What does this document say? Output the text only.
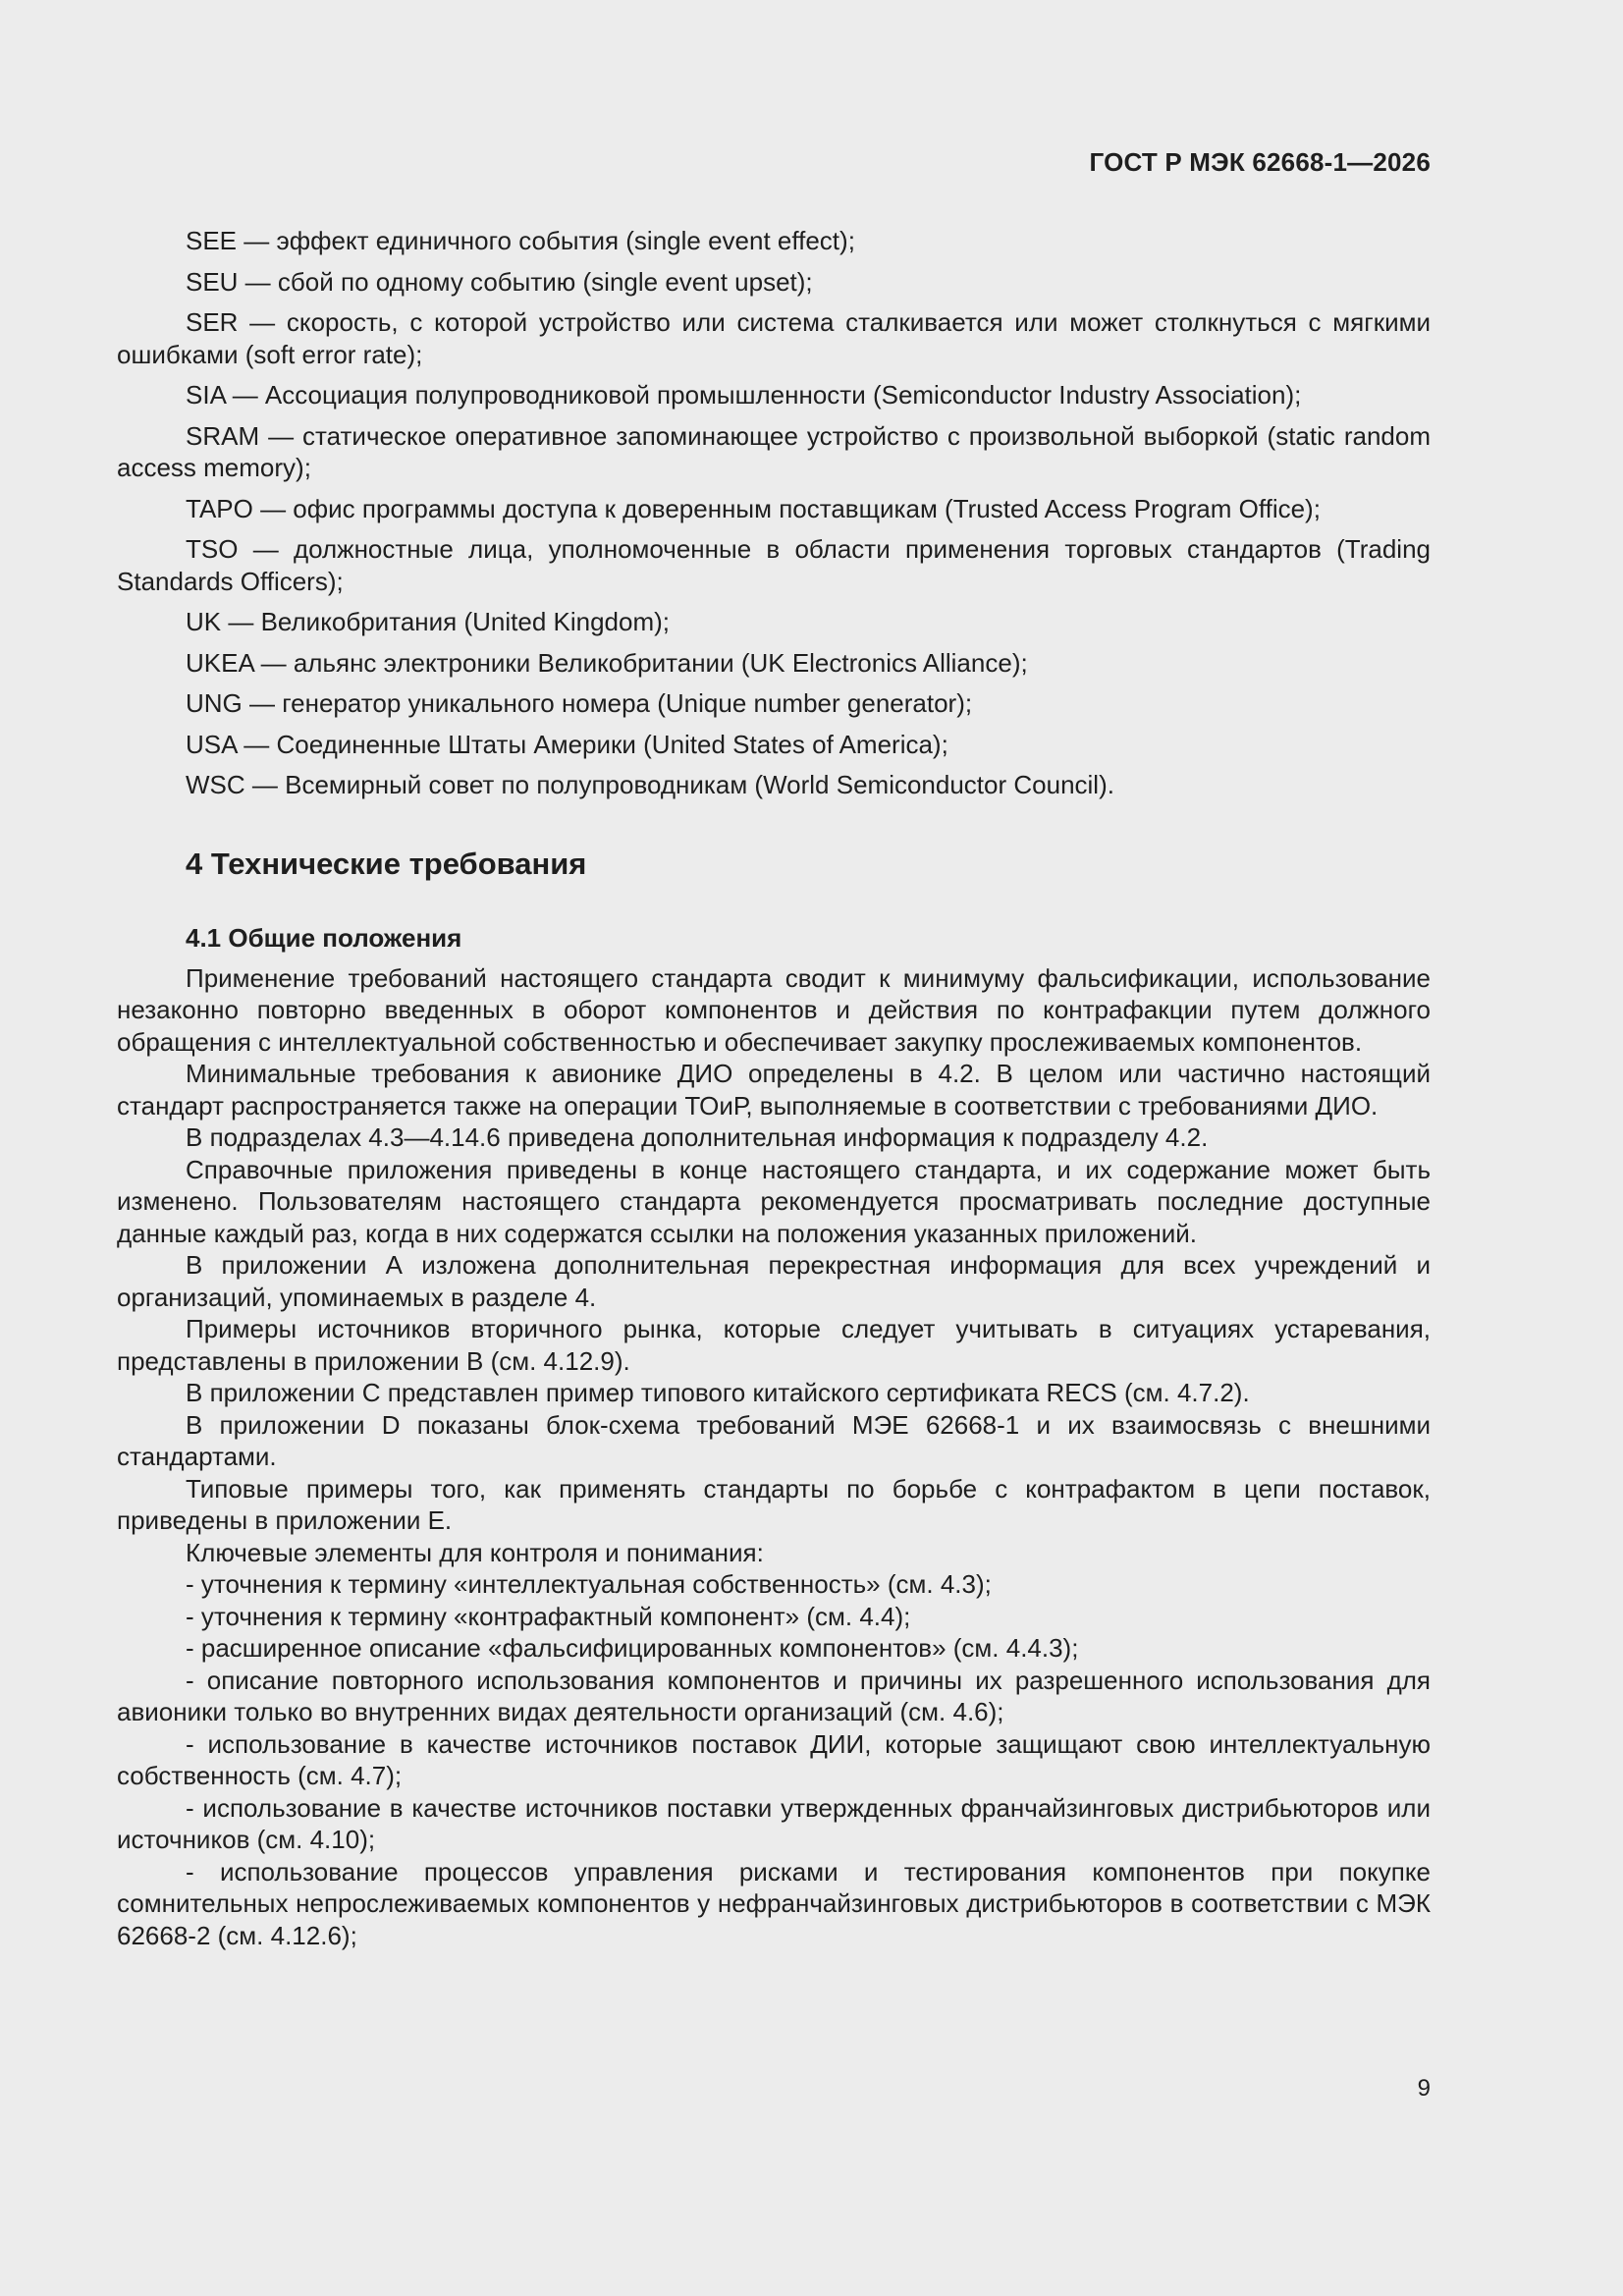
ГОСТ Р МЭК 62668-1—2026

SEE — эффект единичного события (single event effect);

SEU — сбой по одному событию (single event upset);

SER — скорость, с которой устройство или система сталкивается или может столкнуться с мягкими ошибками (soft error rate);

SIA — Ассоциация полупроводниковой промышленности (Semiconductor Industry Association);

SRAM — статическое оперативное запоминающее устройство с произвольной выборкой (static random access memory);

TAPO — офис программы доступа к доверенным поставщикам (Trusted Access Program Office);

TSO — должностные лица, уполномоченные в области применения торговых стандартов (Trading Standards Officers);

UK — Великобритания (United Kingdom);

UKEA — альянс электроники Великобритании (UK Electronics Alliance);

UNG — генератор уникального номера (Unique number generator);

USA — Соединенные Штаты Америки (United States of America);

WSC — Всемирный совет по полупроводникам (World Semiconductor Council).

4 Технические требования
4.1 Общие положения

Применение требований настоящего стандарта сводит к минимуму фальсификации, использование незаконно повторно введенных в оборот компонентов и действия по контрафакции путем должного обращения с интеллектуальной собственностью и обеспечивает закупку прослеживаемых компонентов.

Минимальные требования к авионике ДИО определены в 4.2. В целом или частично настоящий стандарт распространяется также на операции ТОиР, выполняемые в соответствии с требованиями ДИО.

В подразделах 4.3—4.14.6 приведена дополнительная информация к подразделу 4.2.

Справочные приложения приведены в конце настоящего стандарта, и их содержание может быть изменено. Пользователям настоящего стандарта рекомендуется просматривать последние доступные данные каждый раз, когда в них содержатся ссылки на положения указанных приложений.

В приложении А изложена дополнительная перекрестная информация для всех учреждений и организаций, упоминаемых в разделе 4.

Примеры источников вторичного рынка, которые следует учитывать в ситуациях устаревания, представлены в приложении В (см. 4.12.9).

В приложении С представлен пример типового китайского сертификата RECS (см. 4.7.2).

В приложении D показаны блок-схема требований МЭЕ 62668-1 и их взаимосвязь с внешними стандартами.

Типовые примеры того, как применять стандарты по борьбе с контрафактом в цепи поставок, приведены в приложении Е.

Ключевые элементы для контроля и понимания:

- уточнения к термину «интеллектуальная собственность» (см. 4.3);

- уточнения к термину «контрафактный компонент» (см. 4.4);

- расширенное описание «фальсифицированных компонентов» (см. 4.4.3);

- описание повторного использования компонентов и причины их разрешенного использования для авионики только во внутренних видах деятельности организаций (см. 4.6);

- использование в качестве источников поставок ДИИ, которые защищают свою интеллектуальную собственность (см. 4.7);

- использование в качестве источников поставки утвержденных франчайзинговых дистрибьюторов или источников (см. 4.10);

- использование процессов управления рисками и тестирования компонентов при покупке сомнительных непрослеживаемых компонентов у нефранчайзинговых дистрибьюторов в соответствии с МЭК 62668-2 (см. 4.12.6);

9
